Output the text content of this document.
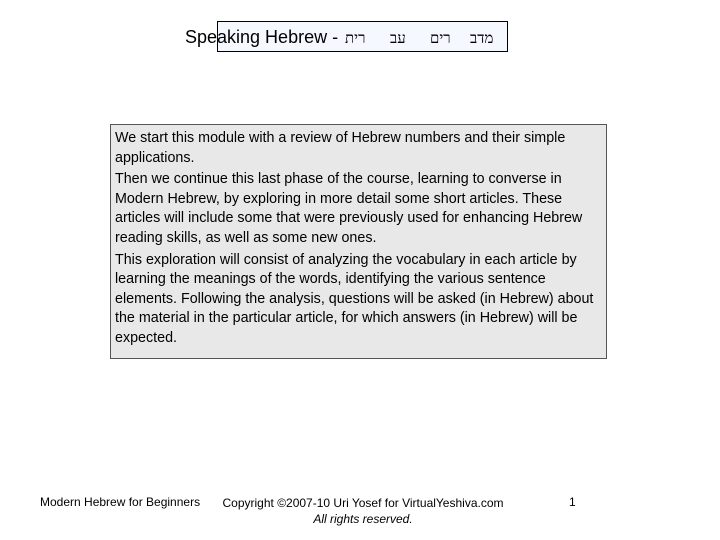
Speaking Hebrew - רית עב רים מדב

We start this module with a review of Hebrew numbers and their simple applications.

Then we continue this last phase of the course, learning to converse in Modern Hebrew, by exploring in more detail some short articles. These articles will include some that were previously used for enhancing Hebrew reading skills, as well as some new ones.

This exploration will consist of analyzing the vocabulary in each article by learning the meanings of the words, identifying the various sentence elements. Following the analysis, questions will be asked (in Hebrew) about the material in the particular article, for which answers (in Hebrew) will be expected.

Modern Hebrew for Beginners	Copyright ©2007-10 Uri Yosef for VirtualYeshiva.com
All rights reserved.
1
